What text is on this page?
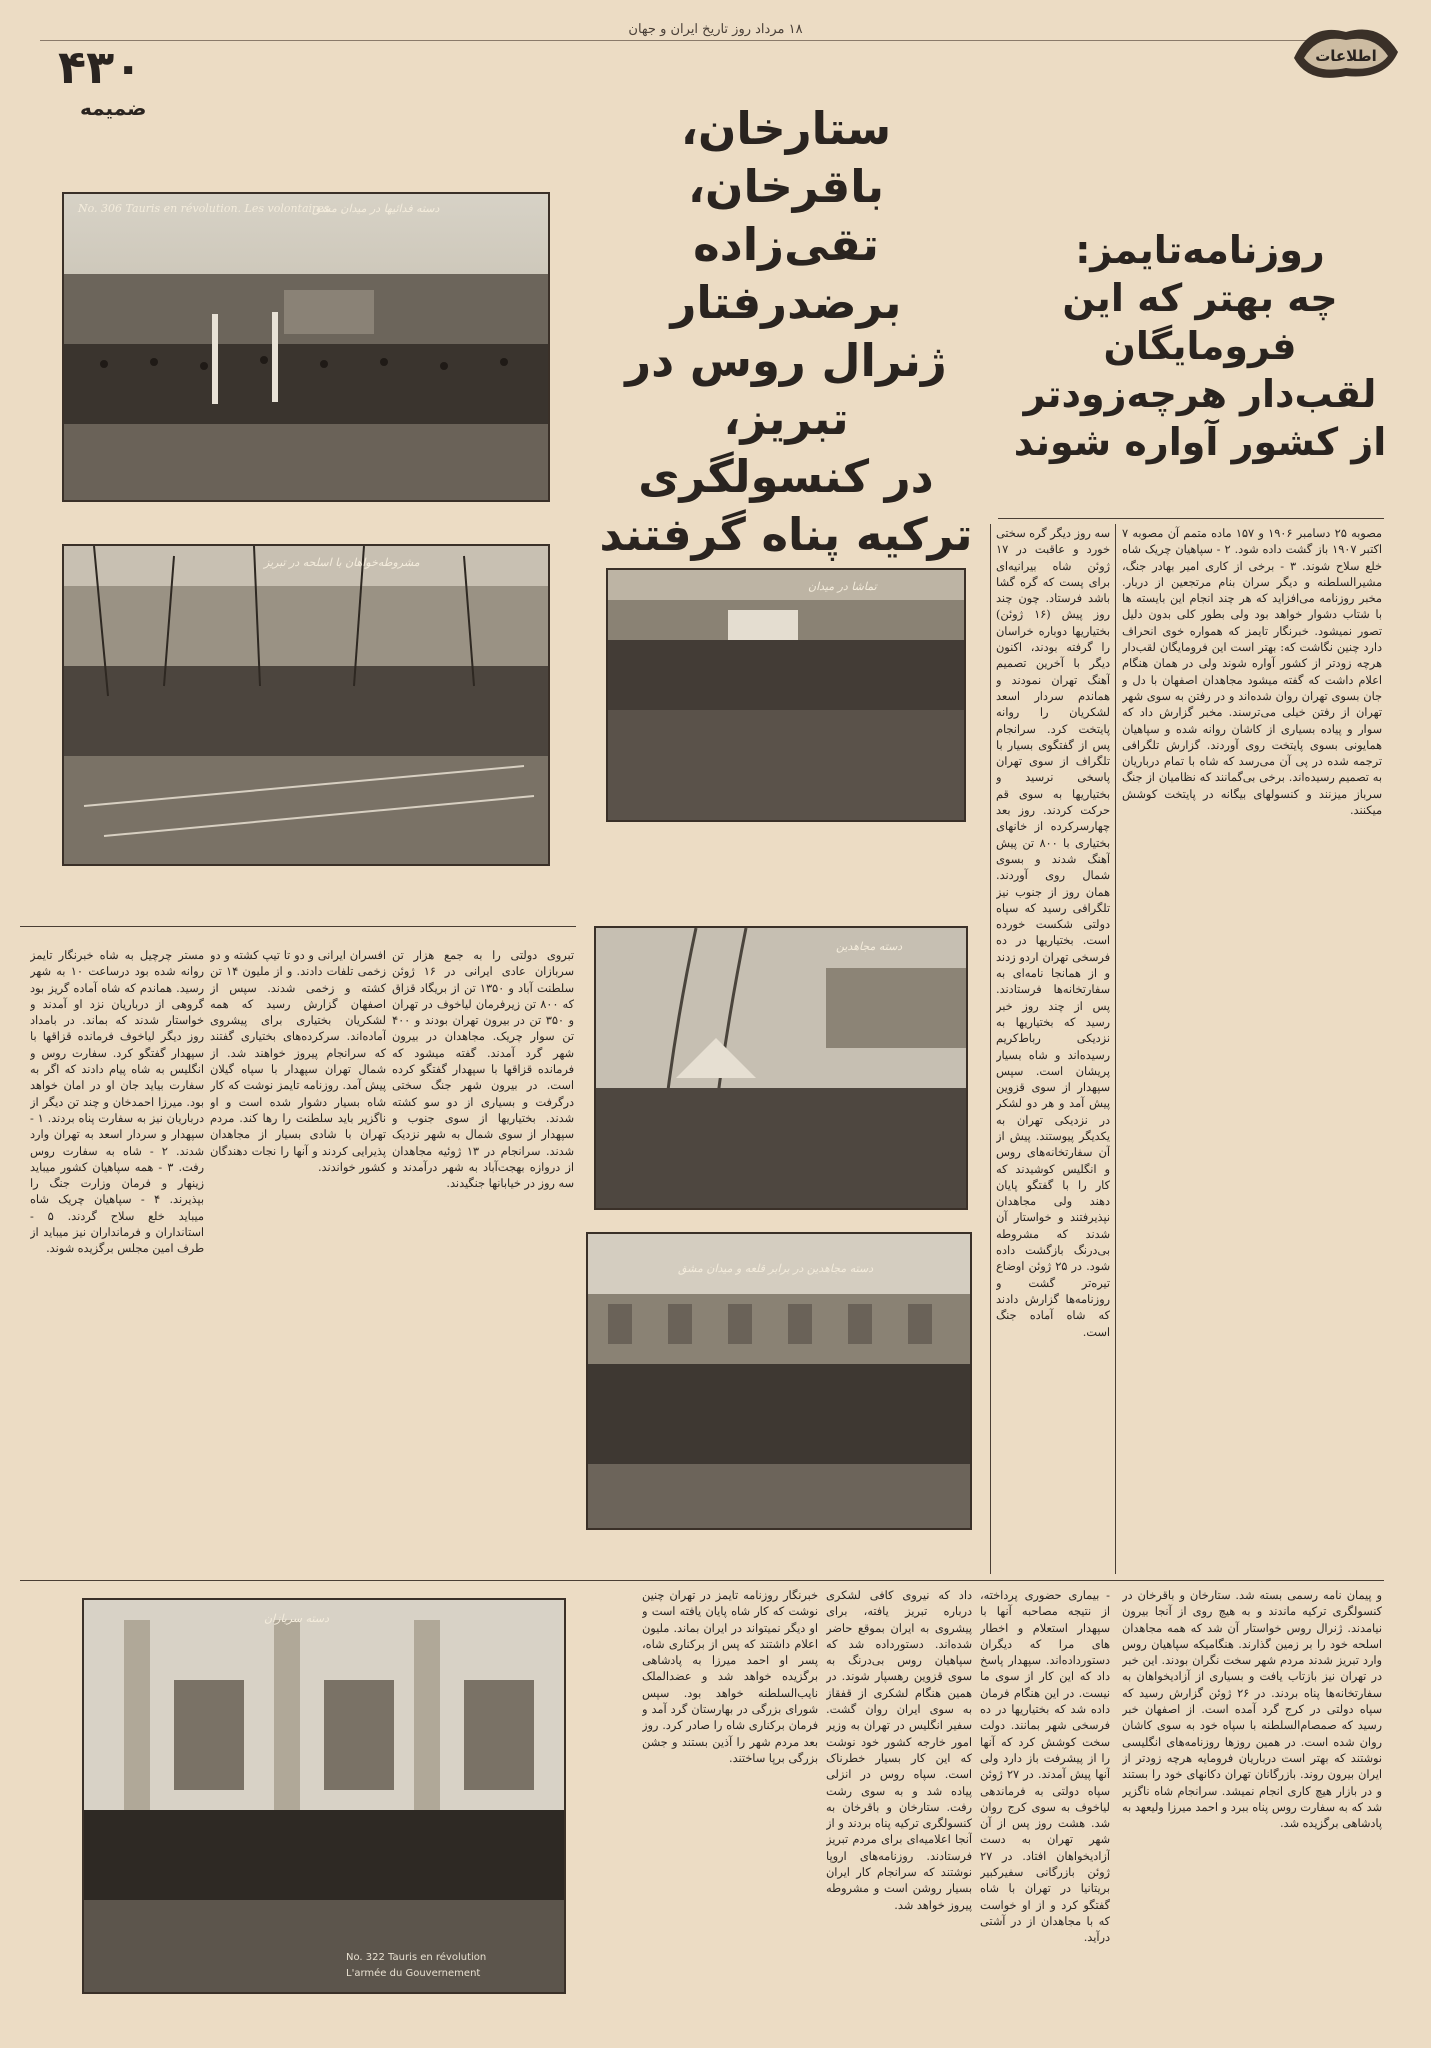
۱۸ مرداد روز تاریخ ایران و جهان
۴۳۰
ضمیمه
اطلاعات
No. 306 Tauris en révolution. Les volontaires
دسته فدائیها در میدان مشق
مشروطه‌خواهان با اسلحه در تبریز
تماشا در میدان
دسته مجاهدین
دسته مجاهدین در برابر قلعه و میدان مشق
دسته سربازان
No. 322 Tauris en révolution
L'armée du Gouvernement
ستارخان، باقرخان،
تقی‌زاده برضدرفتار
ژنرال روس در تبریز،
در کنسولگری
ترکیه پناه گرفتند
روزنامه‌تایمز:
چه بهتر که این
فرومایگان
لقب‌دار هرچه‌زودتر
از کشور آواره شوند
مصوبه ۲۵ دسامبر ۱۹۰۶ و ۱۵۷ ماده متمم آن مصوبه ۷ اکتبر ۱۹۰۷ باز گشت داده شود. ۲ - سپاهیان چریک شاه خلع سلاح شوند. ۳ - برخی از کاری امیر بهادر جنگ، مشیرالسلطنه و دیگر سران بنام مرتجعین از دربار. مخبر روزنامه می‌افزاید که هر چند انجام این بایسته ها با شتاب دشوار خواهد بود ولی بطور کلی بدون دلیل تصور نمیشود. خبرنگار تایمز که همواره خوی انحراف دارد چنین نگاشت که: بهتر است این فرومایگان لقب‌دار هرچه زودتر از کشور آواره شوند ولی در همان هنگام اعلام داشت که گفته میشود مجاهدان اصفهان با دل و جان بسوی تهران روان شده‌اند و در رفتن به سوی شهر تهران از رفتن خیلی می‌ترسند. مخبر گزارش داد که سوار و پیاده بسیاری از کاشان روانه شده و سپاهیان همایونی بسوی پایتخت روی آوردند. گزارش تلگرافی ترجمه شده در پی آن می‌رسد که شاه با تمام درباریان به تصمیم رسیده‌اند. برخی بی‌گمانند که نظامیان از جنگ سرباز میزنند و کنسولهای بیگانه در پایتخت کوشش میکنند.
سه روز دیگر گره سختی خورد و عاقبت در ۱۷ ژوئن شاه بیرانیه‌ای برای پست که گره گشا باشد فرستاد. چون چند روز پیش (۱۶ ژوئن) بختیاریها دوباره خراسان را گرفته بودند، اکنون دیگر با آخرین تصمیم آهنگ تهران نمودند و هماندم سردار اسعد لشکریان را روانه پایتخت کرد. سرانجام پس از گفتگوی بسیار با تلگراف از سوی تهران پاسخی نرسید و بختیاریها به سوی قم حرکت کردند. روز بعد چهارسرکرده از خانهای بختیاری با ۸۰۰ تن پیش آهنگ شدند و بسوی شمال روی آوردند. همان روز از جنوب نیز تلگرافی رسید که سپاه دولتی شکست خورده است. بختیاریها در ده فرسخی تهران اردو زدند و از همانجا نامه‌ای به سفارتخانه‌ها فرستادند. پس از چند روز خبر رسید که بختیاریها به نزدیکی رباط‌کریم رسیده‌اند و شاه بسیار پریشان است. سپس سپهدار از سوی قزوین پیش آمد و هر دو لشکر در نزدیکی تهران به یکدیگر پیوستند. پیش از آن سفارتخانه‌های روس و انگلیس کوشیدند که کار را با گفتگو پایان دهند ولی مجاهدان نپذیرفتند و خواستار آن شدند که مشروطه بی‌درنگ بازگشت داده شود. در ۲۵ ژوئن اوضاع تیره‌تر گشت و روزنامه‌ها گزارش دادند که شاه آماده جنگ است.
و پیمان نامه رسمی بسته شد. ستارخان و باقرخان در کنسولگری ترکیه ماندند و به هیچ روی از آنجا بیرون نیامدند. ژنرال روس خواستار آن شد که همه مجاهدان اسلحه خود را بر زمین گذارند. هنگامیکه سپاهیان روس وارد تبریز شدند مردم شهر سخت نگران بودند. این خبر در تهران نیز بازتاب یافت و بسیاری از آزادیخواهان به سفارتخانه‌ها پناه بردند. در ۲۶ ژوئن گزارش رسید که سپاه دولتی در کرج گرد آمده است. از اصفهان خبر رسید که صمصام‌السلطنه با سپاه خود به سوی کاشان روان شده است. در همین روزها روزنامه‌های انگلیسی نوشتند که بهتر است درباریان فرومایه هرچه زودتر از ایران بیرون روند. بازرگانان تهران دکانهای خود را بستند و در بازار هیچ کاری انجام نمیشد. سرانجام شاه ناگزیر شد که به سفارت روس پناه ببرد و احمد میرزا ولیعهد به پادشاهی برگزیده شد.
- بیماری حضوری پرداخته، از نتیجه مصاحبه آنها با سپهدار استعلام و اخطار های مرا که دیگران دستورداده‌اند. سپهدار پاسخ داد که این کار از سوی ما نیست. در این هنگام فرمان داده شد که بختیاریها در ده فرسخی شهر بمانند. دولت سخت کوشش کرد که آنها را از پیشرفت باز دارد ولی آنها پیش آمدند. در ۲۷ ژوئن سپاه دولتی به فرماندهی لیاخوف به سوی کرج روان شد. هشت روز پس از آن شهر تهران به دست آزادیخواهان افتاد. در ۲۷ ژوئن بازرگانی سفیرکبیر بریتانیا در تهران با شاه گفتگو کرد و از او خواست که با مجاهدان از در آشتی درآید.
داد که نیروی کافی لشکری درباره تبریز یافته، برای پیشروی به ایران بموقع حاضر شده‌اند. دستورداده شد که سپاهیان روس بی‌درنگ به سوی قزوین رهسپار شوند. در همین هنگام لشکری از قفقاز به سوی ایران روان گشت. سفیر انگلیس در تهران به وزیر امور خارجه کشور خود نوشت که این کار بسیار خطرناک است. سپاه روس در انزلی پیاده شد و به سوی رشت رفت. ستارخان و باقرخان به کنسولگری ترکیه پناه بردند و از آنجا اعلامیه‌ای برای مردم تبریز فرستادند. روزنامه‌های اروپا نوشتند که سرانجام کار ایران بسیار روشن است و مشروطه پیروز خواهد شد.
تبروی دولتی را به جمع هزار تن سربازان عادی ایرانی در ۱۶ ژوئن سلطنت آباد و ۱۳۵۰ تن از بریگاد قزاق که ۸۰۰ تن زیرفرمان لیاخوف در تهران و ۳۵۰ تن در بیرون تهران بودند و ۴۰۰ تن سوار چریک. مجاهدان در بیرون شهر گرد آمدند. گفته میشود که فرمانده قزاقها با سپهدار گفتگو کرده است. در بیرون شهر جنگ سختی درگرفت و بسیاری از دو سو کشته شدند. بختیاریها از سوی جنوب و سپهدار از سوی شمال به شهر نزدیک شدند. سرانجام در ۱۳ ژوئیه مجاهدان از دروازه بهجت‌آباد به شهر درآمدند و سه روز در خیابانها جنگیدند.
افسران ایرانی و دو تا تیپ کشته و دو زخمی تلفات دادند. و از ملیون ۱۴ تن کشته و زخمی شدند. سپس از اصفهان گزارش رسید که همه لشکریان بختیاری برای پیشروی آماده‌اند. سرکرده‌های بختیاری گفتند که سرانجام پیروز خواهند شد. از شمال تهران سپهدار با سپاه گیلان پیش آمد. روزنامه تایمز نوشت که کار شاه بسیار دشوار شده است و او ناگزیر باید سلطنت را رها کند. مردم تهران با شادی بسیار از مجاهدان پذیرایی کردند و آنها را نجات دهندگان کشور خواندند.
مستر چرچیل به شاه خبرنگار تایمز روانه شده بود درساعت ۱۰ به شهر رسید. هماندم که شاه آماده گریز بود گروهی از درباریان نزد او آمدند و خواستار شدند که بماند. در بامداد روز دیگر لیاخوف فرمانده قزاقها با سپهدار گفتگو کرد. سفارت روس و انگلیس به شاه پیام دادند که اگر به سفارت بیاید جان او در امان خواهد بود. میرزا احمدخان و چند تن دیگر از درباریان نیز به سفارت پناه بردند. ۱ - سپهدار و سردار اسعد به تهران وارد شدند. ۲ - شاه به سفارت روس رفت. ۳ - همه سپاهیان کشور میباید زینهار و فرمان وزارت جنگ را بپذیرند. ۴ - سپاهیان چریک شاه میباید خلع سلاح گردند. ۵ - استانداران و فرمانداران نیز میباید از طرف امین مجلس برگزیده شوند.
خبرنگار روزنامه تایمز در تهران چنین نوشت که کار شاه پایان یافته است و او دیگر نمیتواند در ایران بماند. ملیون اعلام داشتند که پس از برکناری شاه، پسر او احمد میرزا به پادشاهی برگزیده خواهد شد و عضدالملک نایب‌السلطنه خواهد بود. سپس شورای بزرگی در بهارستان گرد آمد و فرمان برکناری شاه را صادر کرد. روز بعد مردم شهر را آذین بستند و جشن بزرگی برپا ساختند.
